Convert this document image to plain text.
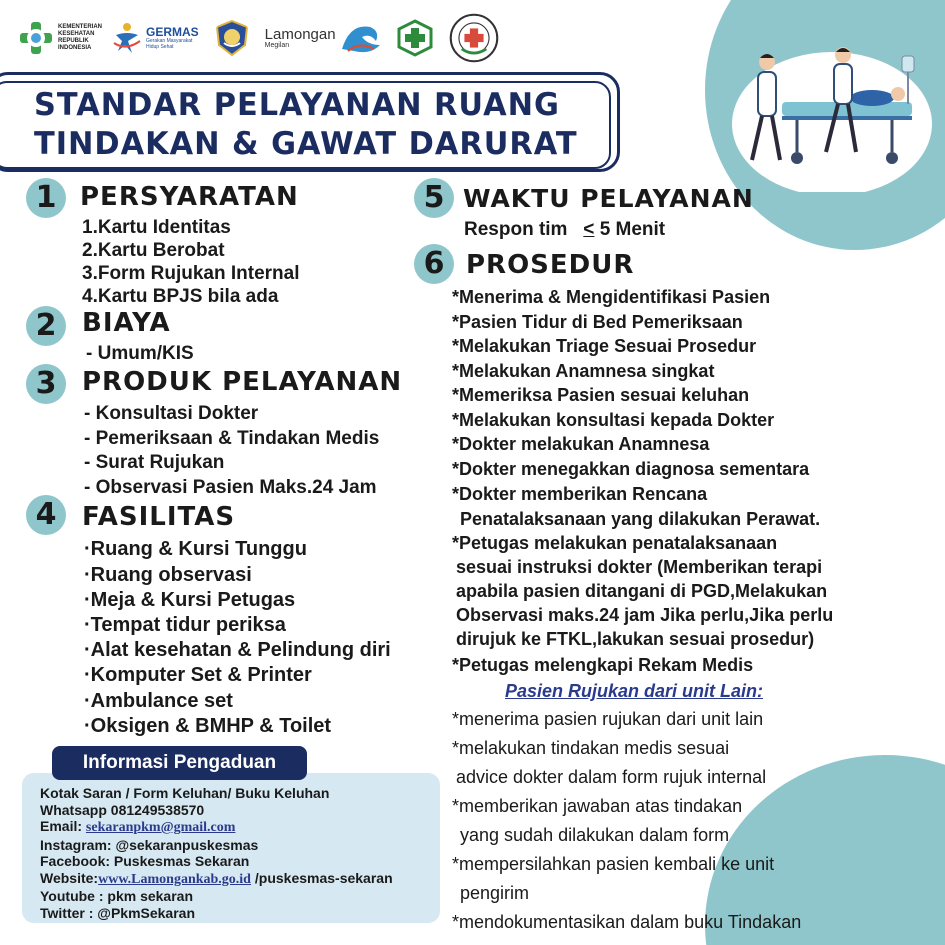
KEMENTERIAN
KESEHATAN
REPUBLIK
INDONESIA
GERMAS
Gerakan Masyarakat
Hidup Sehat
Lamongan
Megilan
STANDAR PELAYANAN RUANG
TINDAKAN & GAWAT DARURAT
1 PERSYARATAN
1.Kartu Identitas
2.Kartu Berobat
3.Form Rujukan Internal
4.Kartu BPJS bila ada
2 BIAYA
- Umum/KIS
3 PRODUK PELAYANAN
- Konsultasi Dokter
- Pemeriksaan & Tindakan Medis
- Surat Rujukan
- Observasi Pasien Maks.24 Jam
4 FASILITAS
·Ruang & Kursi Tunggu
·Ruang observasi
·Meja & Kursi Petugas
·Tempat tidur periksa
·Alat kesehatan & Pelindung diri
·Komputer Set & Printer
·Ambulance set
·Oksigen & BMHP & Toilet
5 WAKTU PELAYANAN
Respon tim ≤ 5 Menit
6 PROSEDUR
*Menerima & Mengidentifikasi Pasien
*Pasien Tidur di Bed Pemeriksaan
*Melakukan Triage Sesuai Prosedur
*Melakukan Anamnesa singkat
*Memeriksa Pasien sesuai keluhan
*Melakukan konsultasi kepada Dokter
*Dokter melakukan Anamnesa
*Dokter menegakkan diagnosa sementara
*Dokter memberikan Rencana
Penatalaksanaan yang dilakukan Perawat.
*Petugas melakukan penatalaksanaan
sesuai instruksi dokter (Memberikan terapi
apabila pasien ditangani di PGD,Melakukan
Observasi maks.24 jam Jika perlu,Jika perlu
dirujuk ke FTKL,lakukan sesuai prosedur)
*Petugas melengkapi Rekam Medis
Pasien Rujukan dari unit Lain:
*menerima pasien rujukan dari unit lain
*melakukan tindakan medis sesuai
advice dokter dalam form rujuk internal
*memberikan jawaban atas tindakan
yang sudah dilakukan dalam form
*mempersilahkan pasien kembali ke unit
pengirim
*mendokumentasikan dalam buku Tindakan
Kotak Saran / Form Keluhan/ Buku Keluhan
Whatsapp 081249538570
Email: sekaranpkm@gmail.com
Instagram: @sekaranpuskesmas
Facebook: Puskesmas Sekaran
Website:www.Lamongankab.go.id /puskesmas-sekaran
Youtube : pkm sekaran
Twitter : @PkmSekaran
Informasi Pengaduan
